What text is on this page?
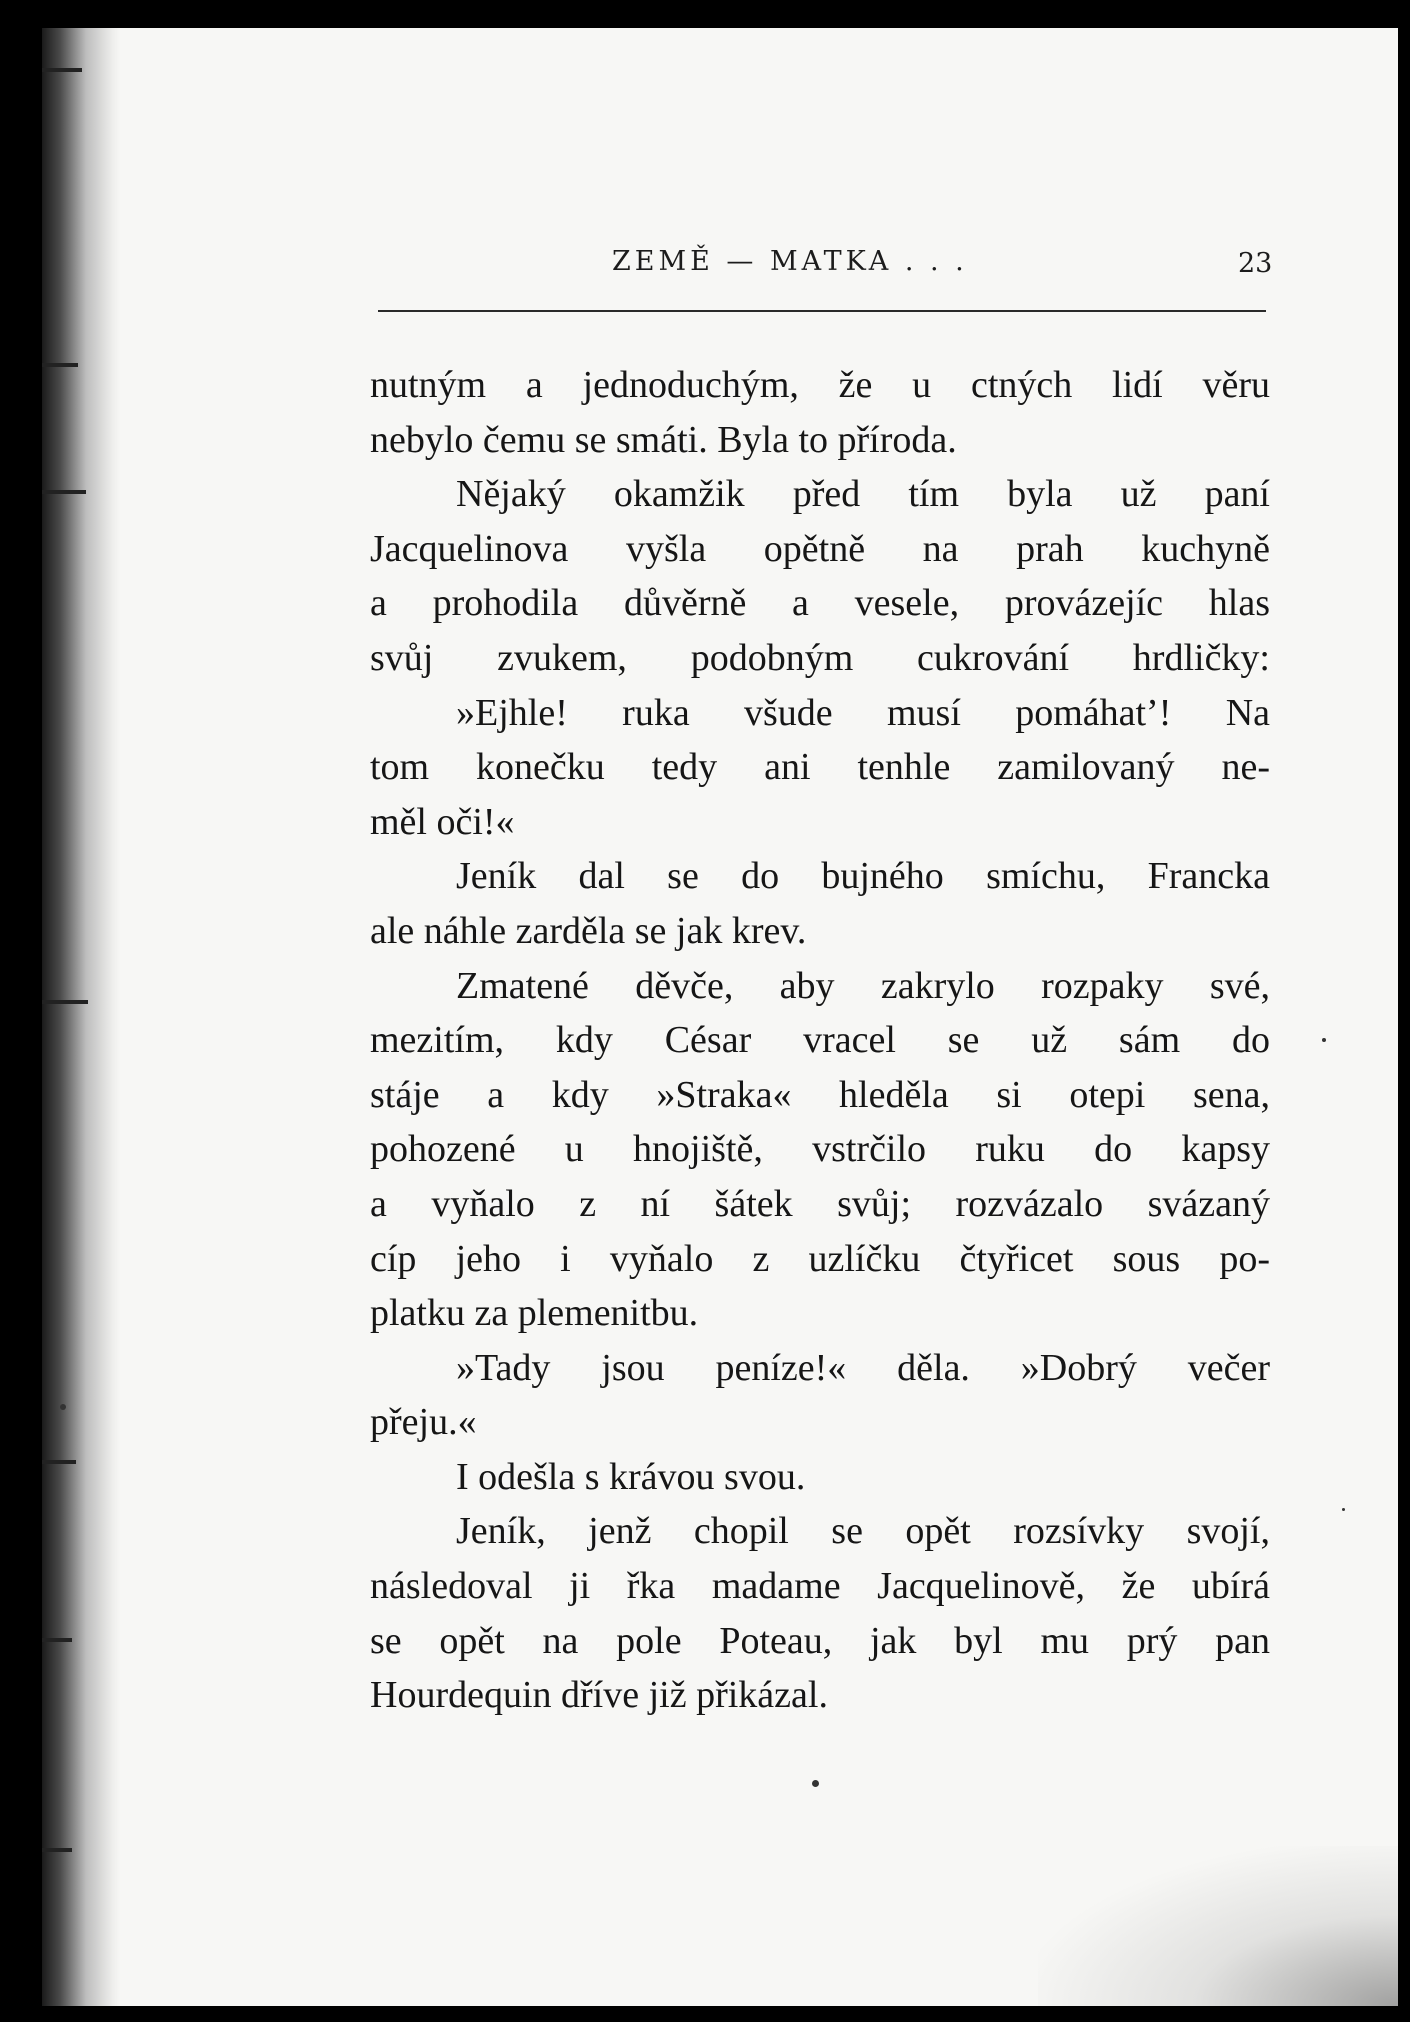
ZEMĚ — MATKA . . .	23
nutným a jednoduchým, že u ctných lidí věru
nebylo čemu se smáti. Byla to příroda.
Nějaký okamžik před tím byla už paní
Jacquelinova vyšla opětně na prah kuchyně
a prohodila důvěrně a vesele, provázejíc hlas
svůj zvukem, podobným cukrování hrdličky:
»Ejhle! ruka všude musí pomáhat’! Na
tom konečku tedy ani tenhle zamilovaný ne-
měl oči!«
Jeník dal se do bujného smíchu, Francka
ale náhle zarděla se jak krev.
Zmatené děvče, aby zakrylo rozpaky své,
mezitím, kdy César vracel se už sám do
stáje a kdy »Straka« hleděla si otepi sena,
pohozené u hnojiště, vstrčilo ruku do kapsy
a vyňalo z ní šátek svůj; rozvázalo svázaný
cíp jeho i vyňalo z uzlíčku čtyřicet sous po-
platku za plemenitbu.
»Tady jsou peníze!« děla. »Dobrý večer
přeju.«
I odešla s krávou svou.
Jeník, jenž chopil se opět rozsívky svojí,
následoval ji řka madame Jacquelinově, že ubírá
se opět na pole Poteau, jak byl mu prý pan
Hourdequin dříve již přikázal.
